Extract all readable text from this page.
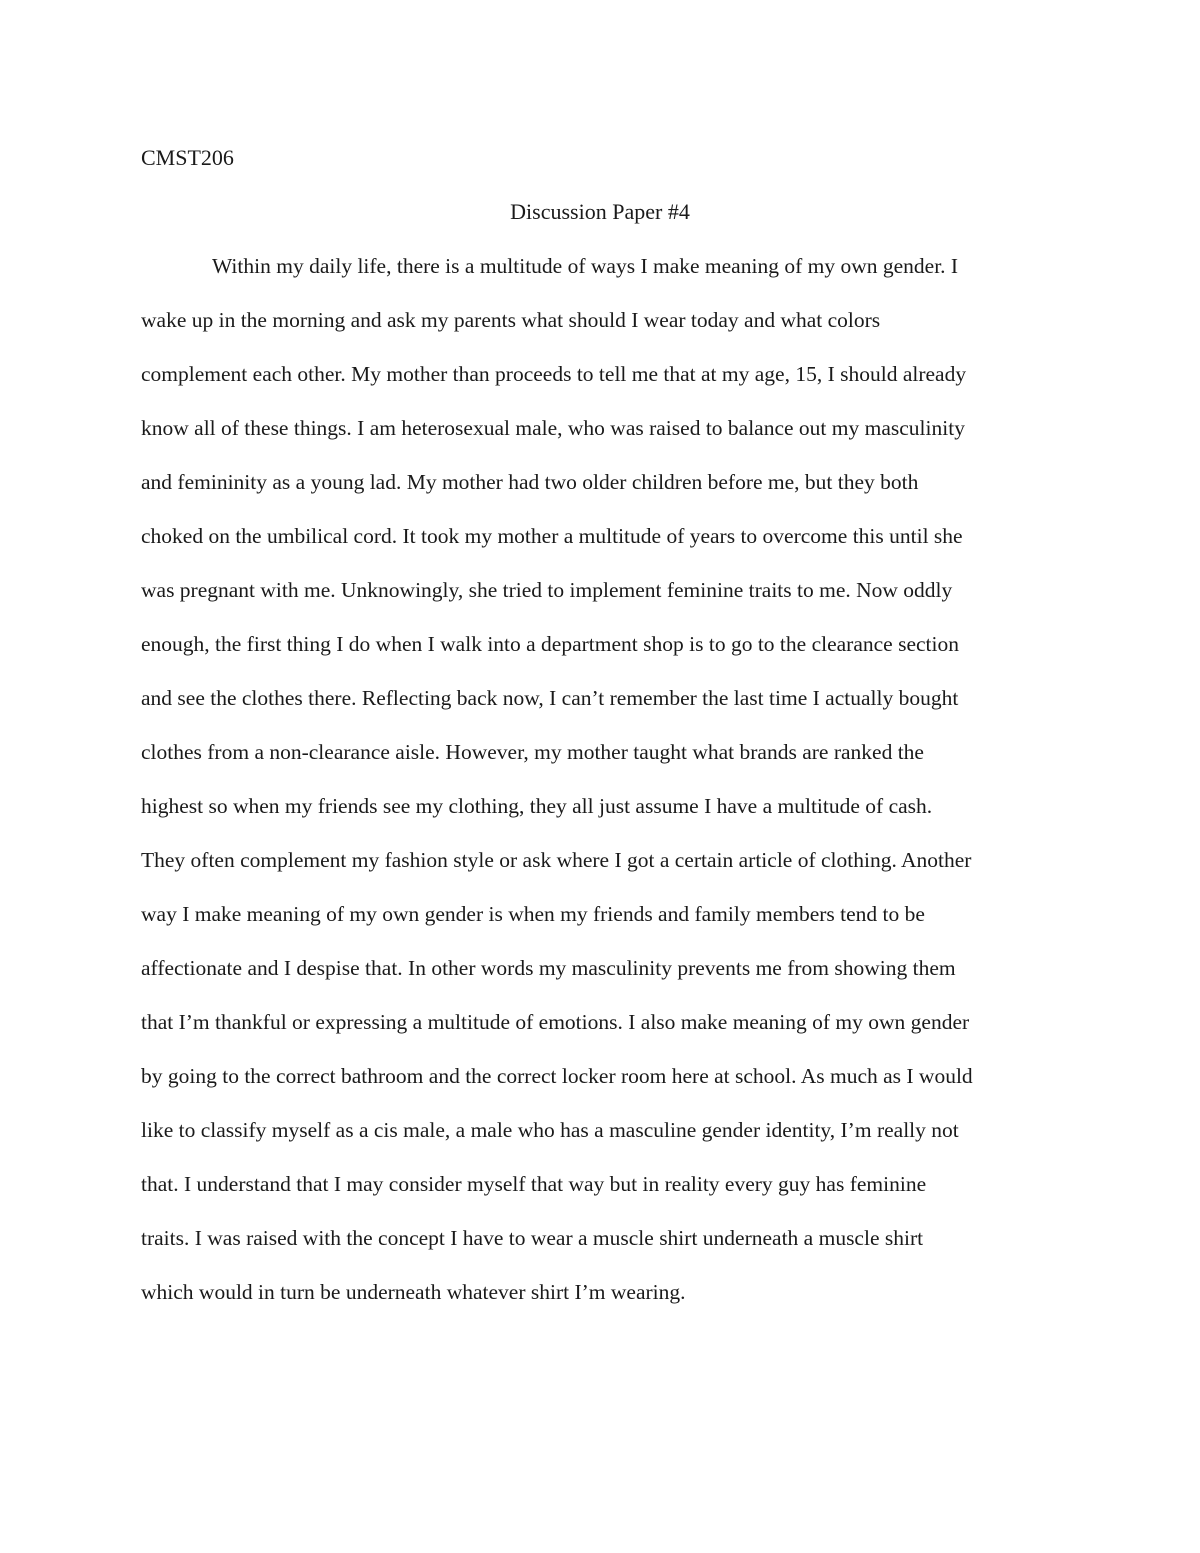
CMST206
Discussion Paper #4
Within my daily life, there is a multitude of ways I make meaning of my own gender. I
wake up in the morning and ask my parents what should I wear today and what colors
complement each other. My mother than proceeds to tell me that at my age, 15, I should already
know all of these things. I am heterosexual male, who was raised to balance out my masculinity
and femininity as a young lad. My mother had two older children before me, but they both
choked on the umbilical cord. It took my mother a multitude of years to overcome this until she
was pregnant with me. Unknowingly, she tried to implement feminine traits to me. Now oddly
enough, the first thing I do when I walk into a department shop is to go to the clearance section
and see the clothes there. Reflecting back now, I can’t remember the last time I actually bought
clothes from a non-clearance aisle. However, my mother taught what brands are ranked the
highest so when my friends see my clothing, they all just assume I have a multitude of cash.
They often complement my fashion style or ask where I got a certain article of clothing. Another
way I make meaning of my own gender is when my friends and family members tend to be
affectionate and I despise that. In other words my masculinity prevents me from showing them
that I’m thankful or expressing a multitude of emotions. I also make meaning of my own gender
by going to the correct bathroom and the correct locker room here at school. As much as I would
like to classify myself as a cis male, a male who has a masculine gender identity, I’m really not
that. I understand that I may consider myself that way but in reality every guy has feminine
traits. I was raised with the concept I have to wear a muscle shirt underneath a muscle shirt
which would in turn be underneath whatever shirt I’m wearing.
